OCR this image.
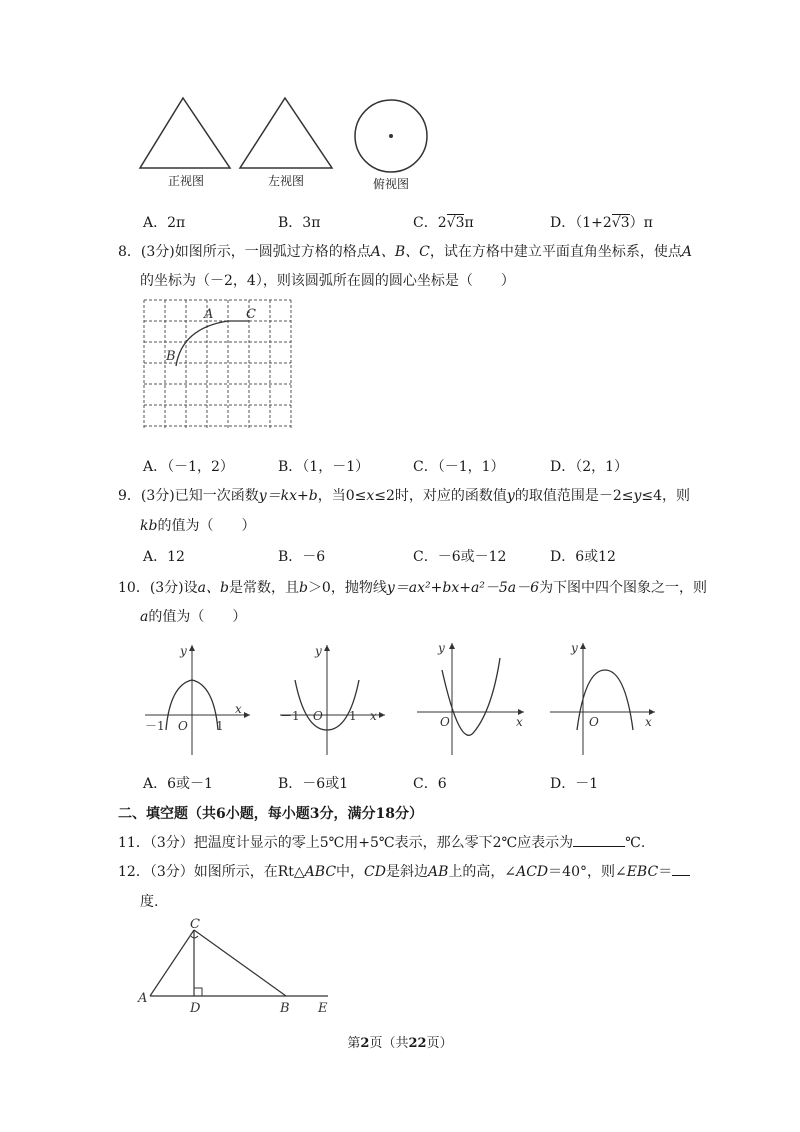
正视图	左视图	俯视图
A．2π	B．3π	C．2√3π	D．（1+2√3）π
8．(3分)如图所示，一圆弧过方格的格点A、B、C，试在方格中建立平面直角坐标系，使点A
的坐标为（－2，4），则该圆弧所在圆的圆心坐标是（　　）
A	C
B
A．（－1，2）	B．（1，－1）	C．（－1，1）	D．（2，1）
9．(3分)已知一次函数y＝kx+b，当0≤x≤2时，对应的函数值y的取值范围是－2≤y≤4，则
kb的值为（　　）
A．12	B．－6	C．－6或－12	D．6或12
10．(3分)设a、b是常数，且b＞0，抛物线y＝ax²+bx+a²－5a－6为下图中四个图象之一，则
a的值为（　　）
y
x
O
－1	1
y
x
O
－1	1
y
x
O
y
x
O
A．6或－1	B．－6或1	C．6	D．－1
二、填空题（共6小题，每小题3分，满分18分）
11．（3分）把温度计显示的零上5℃用+5℃表示，那么零下2℃应表示为	℃.
12．（3分）如图所示，在Rt△ABC中，CD是斜边AB上的高，∠ACD＝40°，则∠EBC＝
度.
A
C
D	B E
第2页（共22页）
